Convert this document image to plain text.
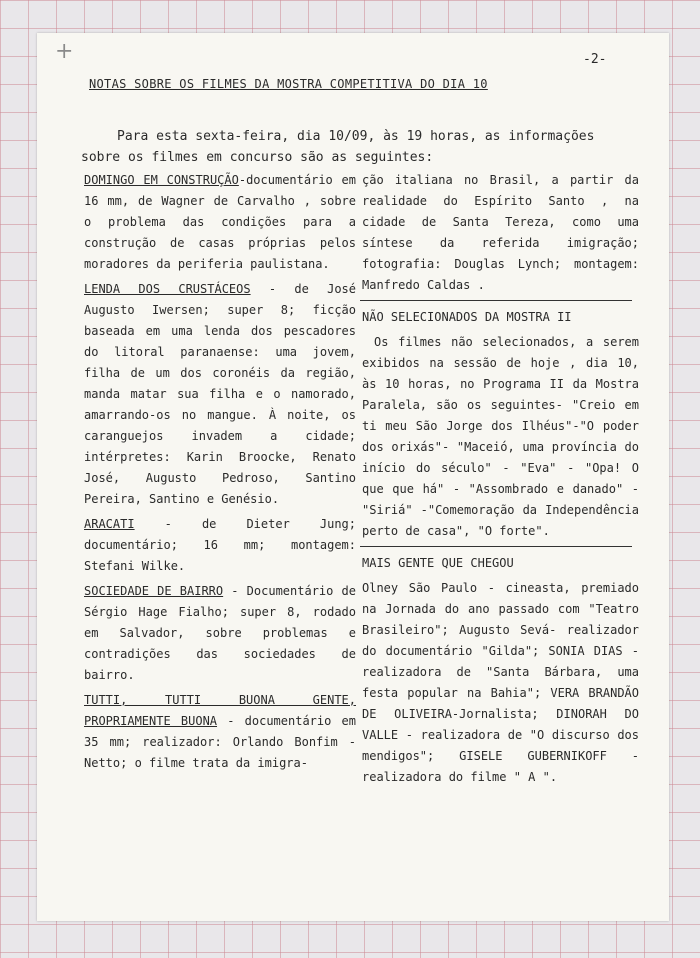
+	-2-
NOTAS SOBRE OS FILMES DA MOSTRA COMPETITIVA DO DIA 10

Para esta sexta-feira, dia 10/09, às 19 horas, as informações sobre os filmes em concurso são as seguintes:

DOMINGO EM CONSTRUÇÃO-documentário em 16 mm, de Wagner de Carvalho , sobre o problema das condições para a construção de casas próprias pelos moradores da periferia paulistana.

LENDA DOS CRUSTÁCEOS - de José Augusto Iwersen; super 8; ficção baseada em uma lenda dos pescadores do litoral paranaense: uma jovem, filha de um dos coronéis da região, manda matar sua filha e o namorado, amarrando-os no mangue. À noite, os caranguejos invadem a cidade; intérpretes: Karin Broocke, Renato José, Augusto Pedroso, Santino Pereira, Santino e Genésio.

ARACATI - de Dieter Jung; documentário; 16 mm; montagem: Stefani Wilke.

SOCIEDADE DE BAIRRO - Documentário de Sérgio Hage Fialho; super 8, rodado em Salvador, sobre problemas e contradições das sociedades de bairro.

TUTTI, TUTTI BUONA GENTE, PROPRIAMENTE BUONA - documentário em 35 mm; realizador: Orlando Bonfim - Netto; o filme trata da imigra-

ção italiana no Brasil, a partir da realidade do Espírito Santo , na cidade de Santa Tereza, como uma síntese da referida imigração; fotografia: Douglas Lynch; montagem: Manfredo Caldas .

NÃO SELECIONADOS DA MOSTRA II

Os filmes não selecionados, a serem exibidos na sessão de hoje , dia 10, às 10 horas, no Programa II da Mostra Paralela, são os seguintes- "Creio em ti meu São Jorge dos Ilhéus"-"O poder dos orixás"- "Maceió, uma província do início do século" - "Eva" - "Opa! O que que há" - "Assombrado e danado" - "Siriá" -"Comemoração da Independência perto de casa", "O forte".

MAIS GENTE QUE CHEGOU

Olney São Paulo - cineasta, premiado na Jornada do ano passado com "Teatro Brasileiro"; Augusto Sevá- realizador do documentário "Gilda"; SONIA DIAS - realizadora de "Santa Bárbara, uma festa popular na Bahia"; VERA BRANDÃO DE OLIVEIRA-Jornalista; DINORAH DO VALLE - realizadora de "O discurso dos mendigos"; GISELE GUBERNIKOFF - realizadora do filme " A ".
